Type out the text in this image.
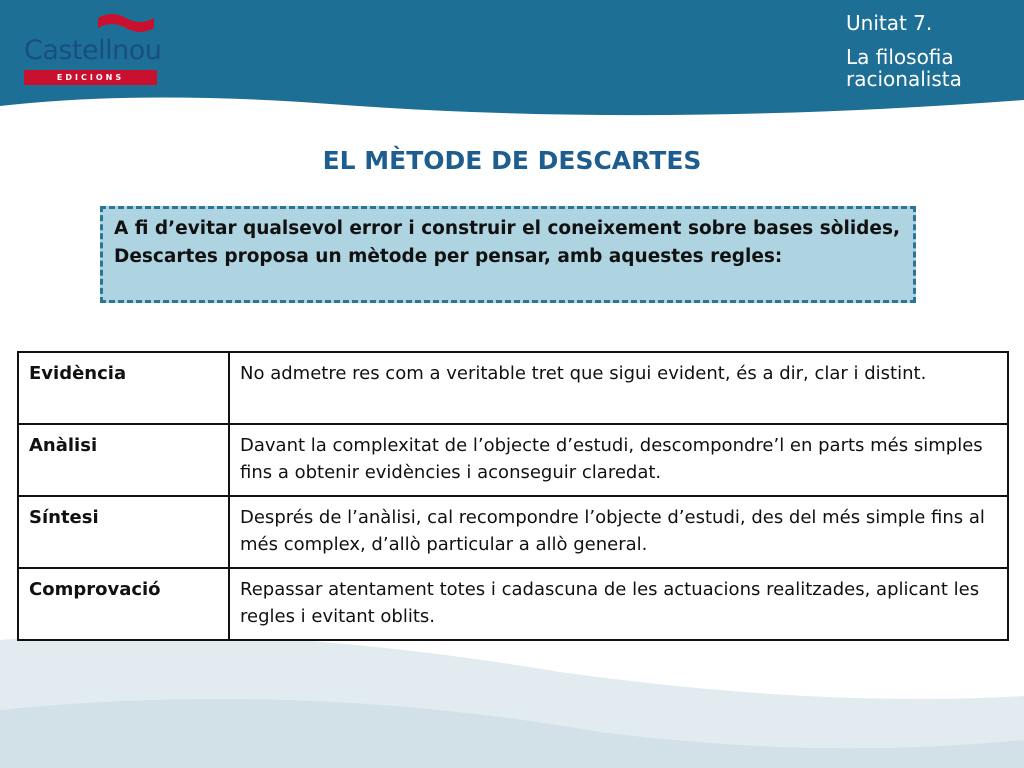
Castellnou
EDICIONS
Unitat 7.
La filosofia racionalista
EL MÈTODE DE DESCARTES
A fi d’evitar qualsevol error i construir el coneixement sobre bases sòlides, Descartes proposa un mètode per pensar, amb aquestes regles:
Evidència	No admetre res com a veritable tret que sigui evident, és a dir, clar i distint.
Anàlisi	Davant la complexitat de l’objecte d’estudi, descompondre’l en parts més simples fins a obtenir evidències i aconseguir claredat.
Síntesi	Després de l’anàlisi, cal recompondre l’objecte d’estudi, des del més simple fins al més complex, d’allò particular a allò general.
Comprovació	Repassar atentament totes i cadascuna de les actuacions realitzades, aplicant les regles i evitant oblits.
